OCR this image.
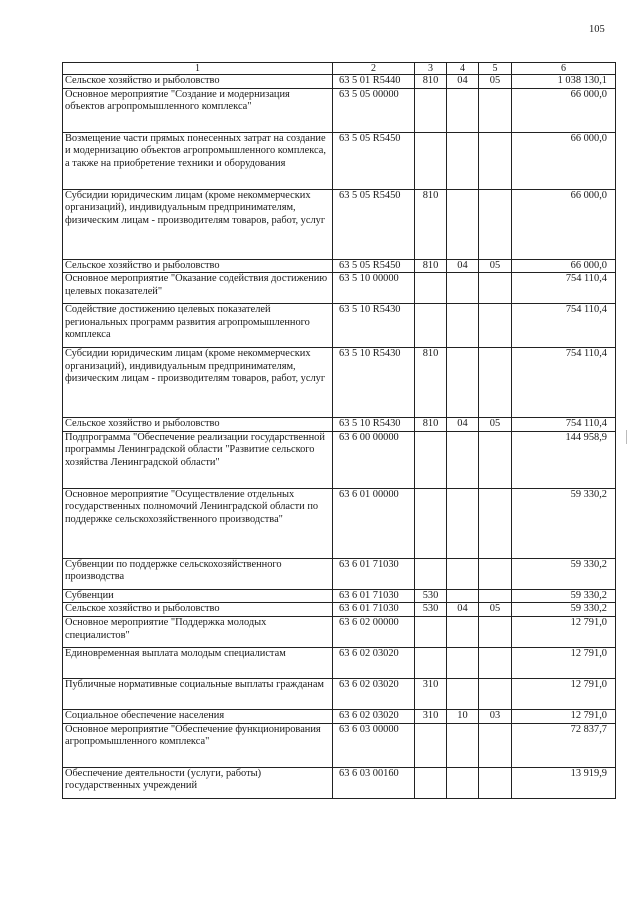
105
1	2	3	4	5	6
Сельское хозяйство и рыболовство	63 5 01 R5440	810	04	05	1 038 130,1
Основное мероприятие "Создание и модернизация объектов агропромышленного комплекса"	63 5 05 00000				66 000,0
Возмещение части прямых понесенных затрат на создание и модернизацию объектов агропромышленного комплекса, а также на приобретение техники и оборудования	63 5 05 R5450				66 000,0
Субсидии юридическим лицам (кроме некоммерческих организаций), индивидуальным предпринимателям, физическим лицам - производителям товаров, работ, услуг	63 5 05 R5450	810			66 000,0
Сельское хозяйство и рыболовство	63 5 05 R5450	810	04	05	66 000,0
Основное мероприятие "Оказание содействия достижению целевых показателей"	63 5 10 00000				754 110,4
Содействие достижению целевых показателей региональных программ развития агропромышленного комплекса	63 5 10 R5430				754 110,4
Субсидии юридическим лицам (кроме некоммерческих организаций), индивидуальным предпринимателям, физическим лицам - производителям товаров, работ, услуг	63 5 10 R5430	810			754 110,4
Сельское хозяйство и рыболовство	63 5 10 R5430	810	04	05	754 110,4
Подпрограмма "Обеспечение реализации государственной программы Ленинградской области "Развитие сельского хозяйства Ленинградской области"	63 6 00 00000				144 958,9
Основное мероприятие "Осуществление отдельных государственных полномочий Ленинградской области по поддержке сельскохозяйственного производства"	63 6 01 00000				59 330,2
Субвенции по поддержке сельскохозяйственного производства	63 6 01 71030				59 330,2
Субвенции	63 6 01 71030	530			59 330,2
Сельское хозяйство и рыболовство	63 6 01 71030	530	04	05	59 330,2
Основное мероприятие "Поддержка молодых специалистов"	63 6 02 00000				12 791,0
Единовременная выплата молодым специалистам	63 6 02 03020				12 791,0
Публичные нормативные социальные выплаты гражданам	63 6 02 03020	310			12 791,0
Социальное обеспечение населения	63 6 02 03020	310	10	03	12 791,0
Основное мероприятие "Обеспечение функционирования агропромышленного комплекса"	63 6 03 00000				72 837,7
Обеспечение деятельности (услуги, работы) государственных учреждений	63 6 03 00160				13 919,9
